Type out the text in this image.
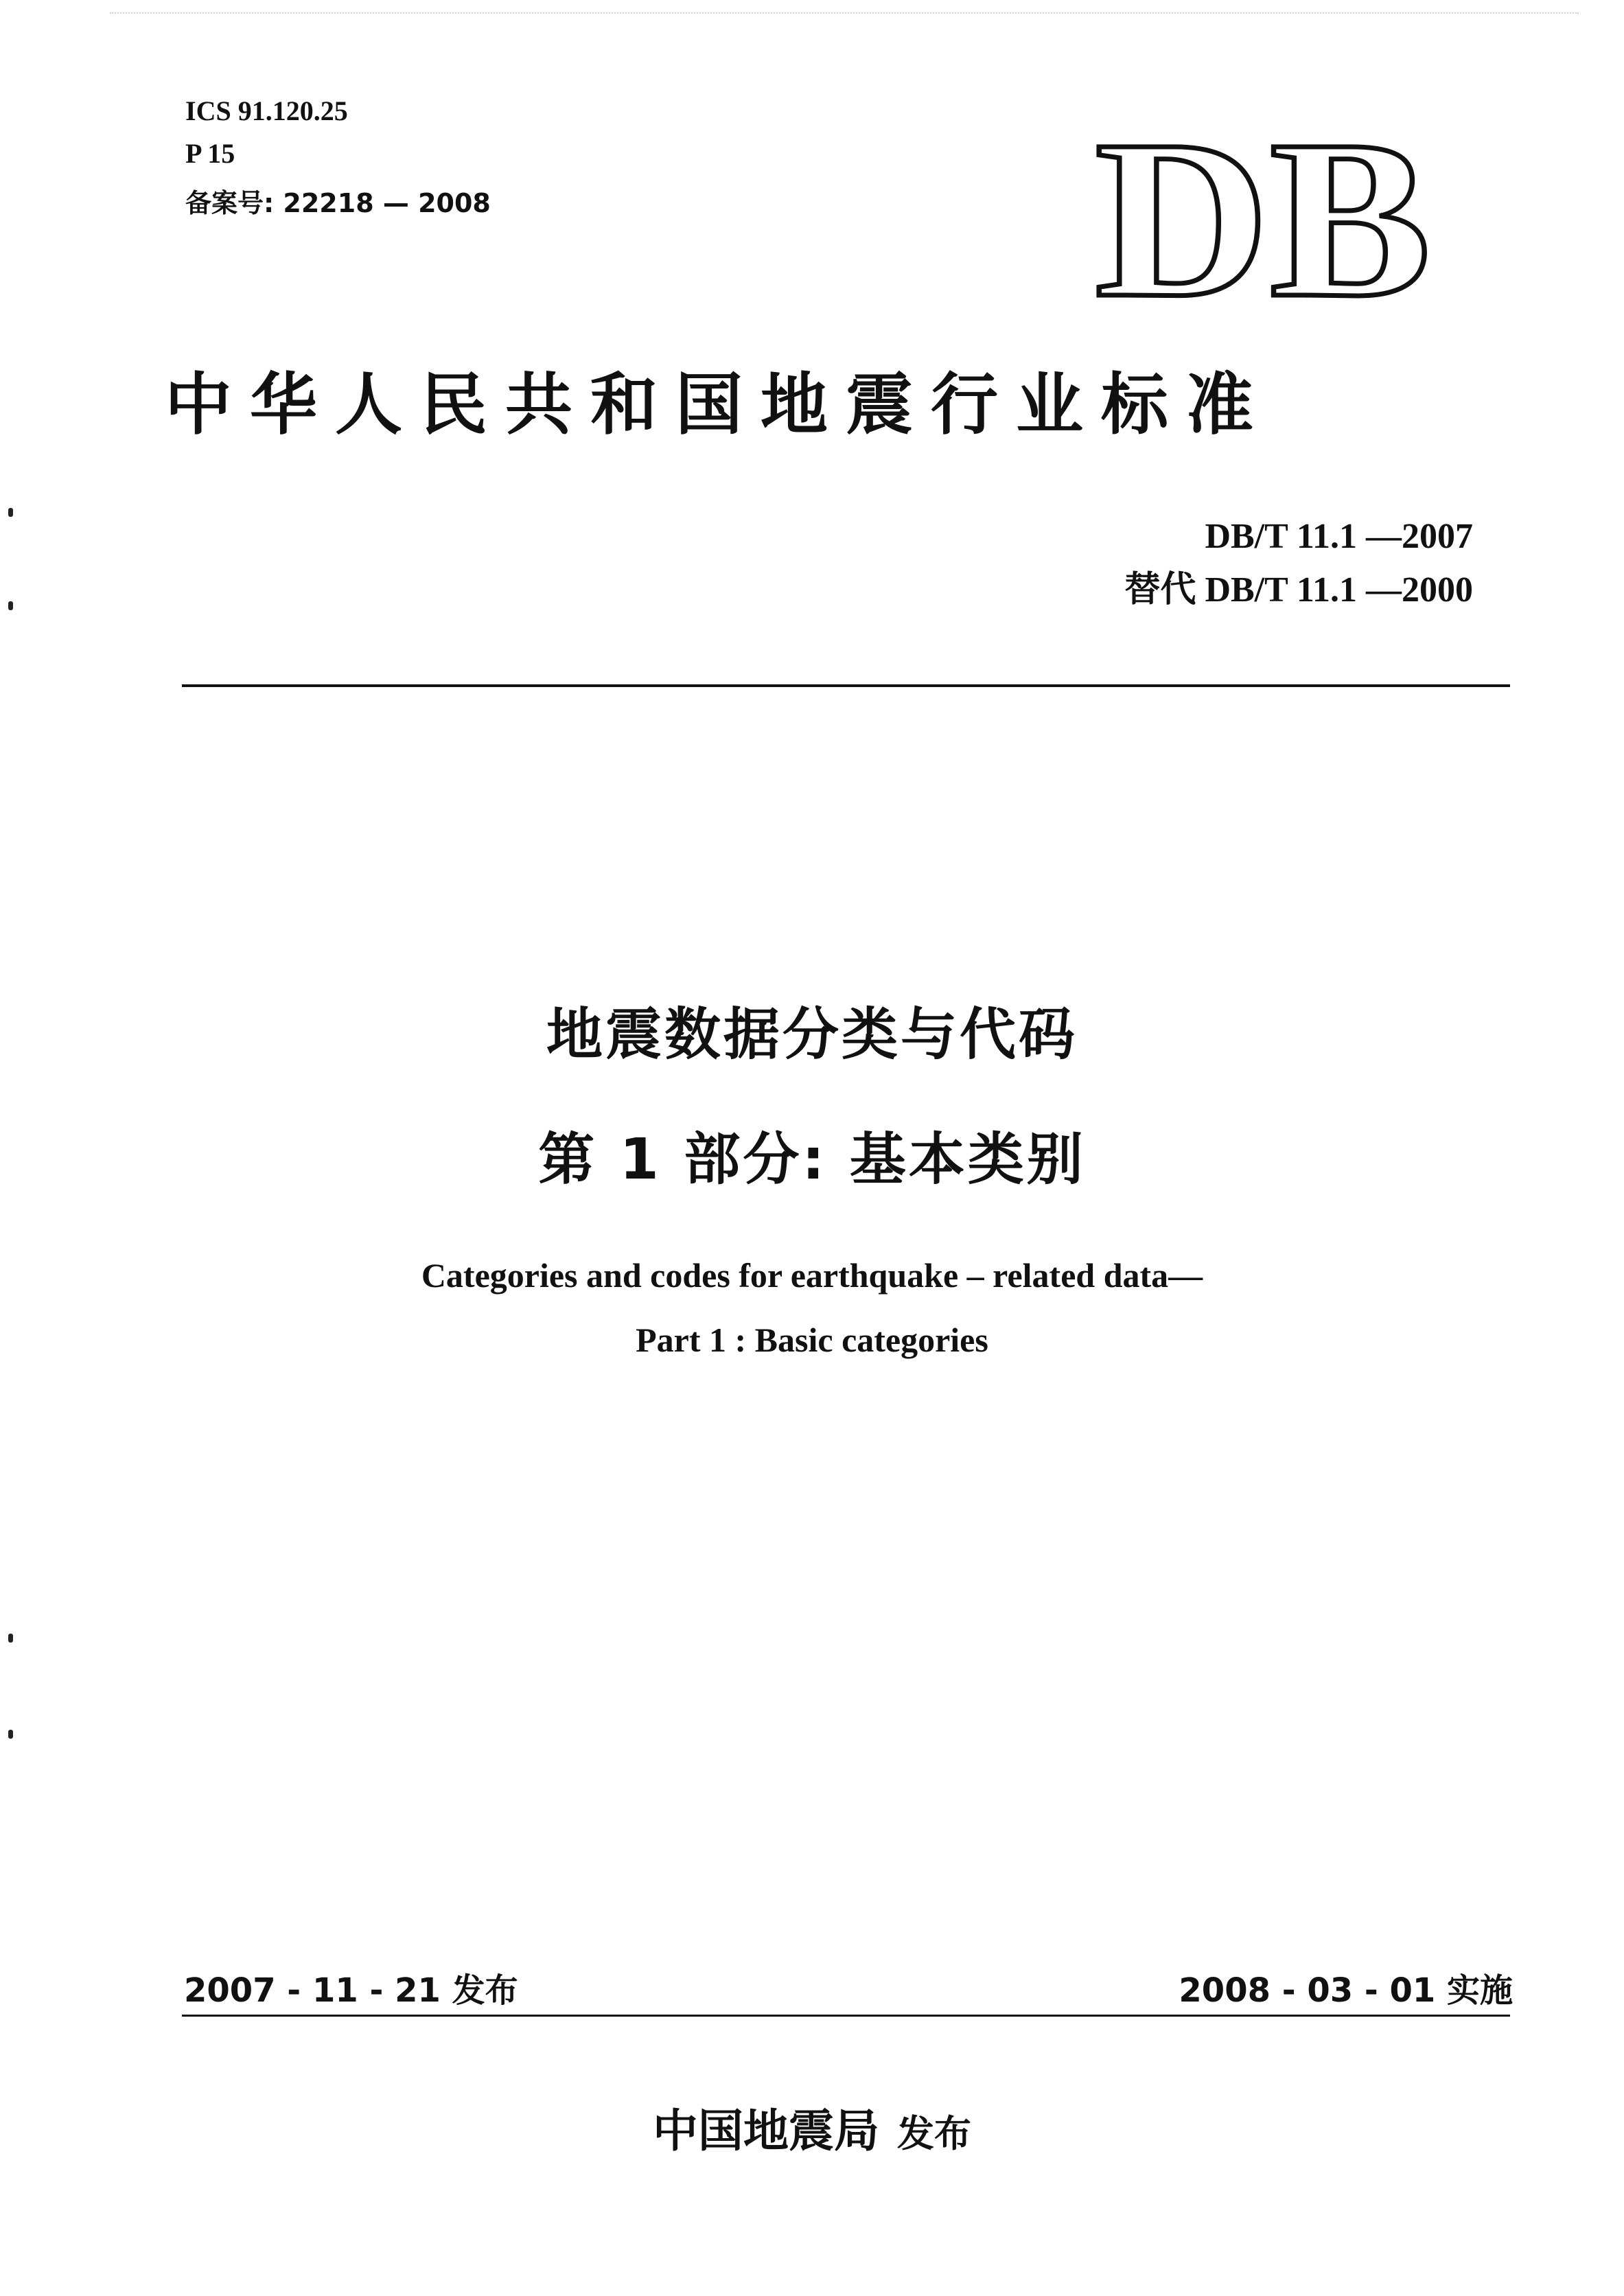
ICS 91.120.25
P 15
备案号: 22218 — 2008	DB
中华人民共和国地震行业标准
DB/T 11.1 —2007
替代 DB/T 11.1 —2000
地震数据分类与代码
第 1 部分: 基本类别
Categories and codes for earthquake – related data—
Part 1 : Basic categories
2007 - 11 - 21 发布	2008 - 03 - 01 实施
中国地震局 发布
